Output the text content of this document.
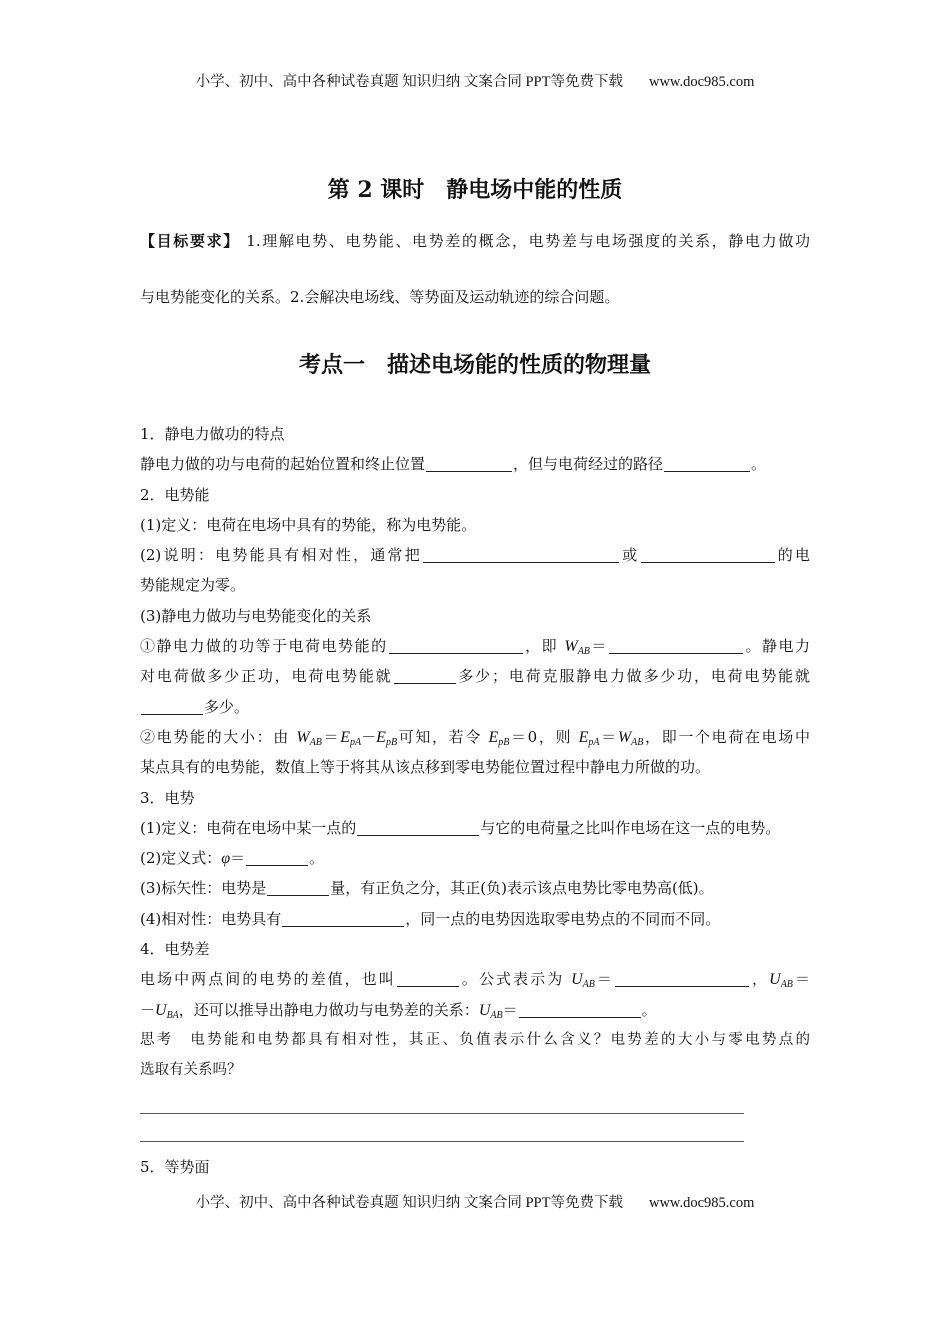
小学、初中、高中各种试卷真题 知识归纳 文案合同 PPT等免费下载 www.doc985.com
第 2 课时　静电场中能的性质
【目标要求】 1.理解电势、电势能、电势差的概念，电势差与电场强度的关系，静电力做功
与电势能变化的关系。2.会解决电场线、等势面及运动轨迹的综合问题。
考点一　描述电场能的性质的物理量
1．静电力做功的特点
静电力做的功与电荷的起始位置和终止位置	，但与电荷经过的路径	。
2．电势能
(1)定义：电荷在电场中具有的势能，称为电势能。
(2)说明：电势能具有相对性，通常把	或	的电
势能规定为零。
(3)静电力做功与电势能变化的关系
①静电力做的功等于电荷电势能的	，即 $W_{AB}=$	。静电力
对电荷做多少正功，电荷电势能就	多少；电荷克服静电力做多少功，电荷电势能就
多少。
②电势能的大小：由 $W_{AB}=E_{pA}-E_{pB}$可知，若令 $E_{pB}=0$，则 $E_{pA}=W_{AB}$，即一个电荷在电场中
某点具有的电势能，数值上等于将其从该点移到零电势能位置过程中静电力所做的功。
3．电势
(1)定义：电荷在电场中某一点的	与它的电荷量之比叫作电场在这一点的电势。
(2)定义式：φ＝	。
(3)标矢性：电势是	量，有正负之分，其正(负)表示该点电势比零电势高(低)。
(4)相对性：电势具有	，同一点的电势因选取零电势点的不同而不同。
4．电势差
电场中两点间的电势的差值，也叫	。公式表示为 $U_{AB}=$	，$U_{AB}=$
$-U_{BA}$，还可以推导出静电力做功与电势差的关系：$U_{AB}=$	。
思考　电势能和电势都具有相对性，其正、负值表示什么含义？电势差的大小与零电势点的
选取有关系吗？
5．等势面
小学、初中、高中各种试卷真题 知识归纳 文案合同 PPT等免费下载 www.doc985.com
